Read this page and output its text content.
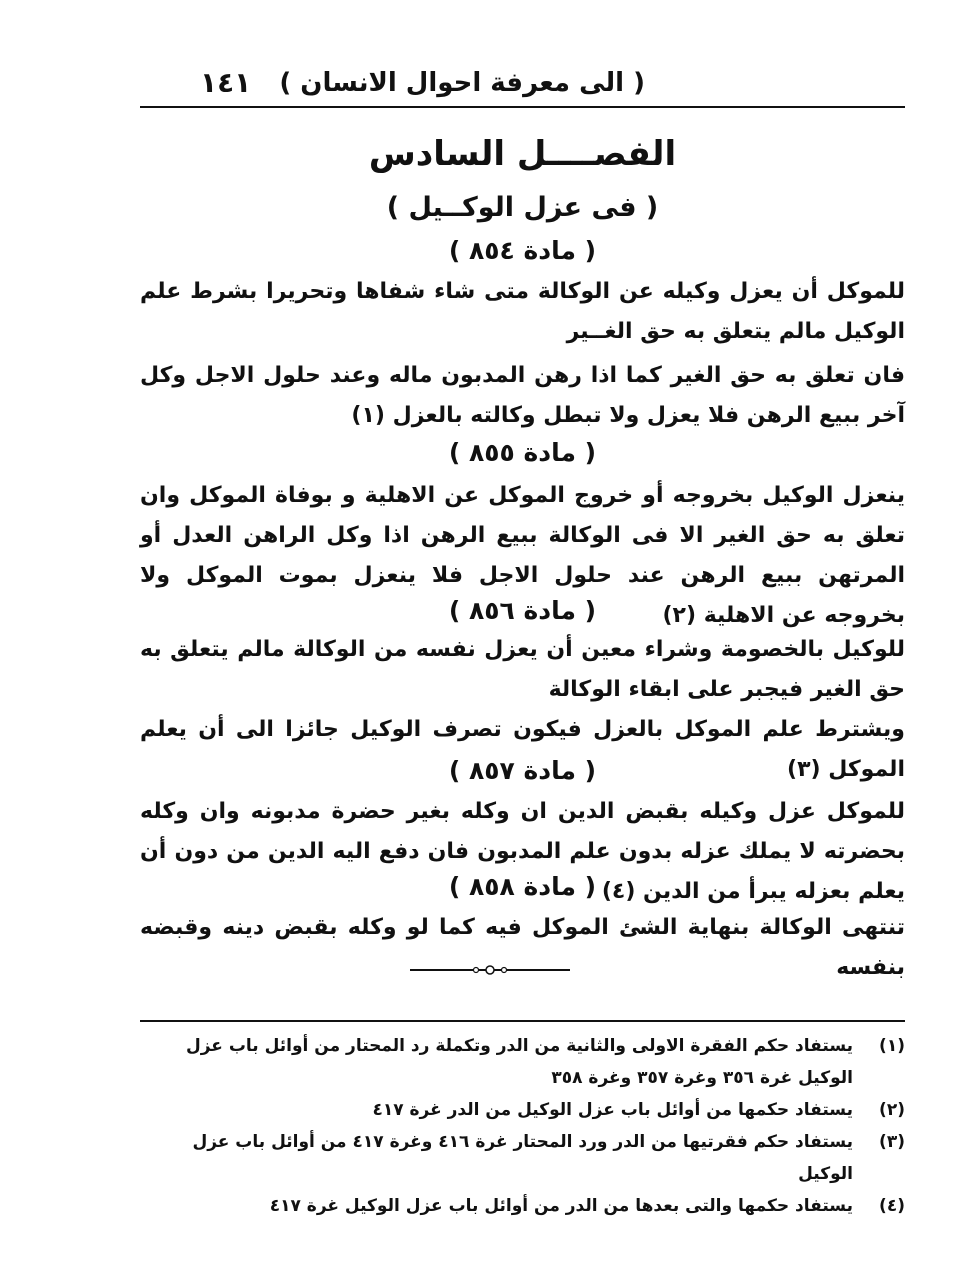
( الى معرفة احوال الانسان )
١٤١
الفصــــل السادس
( فى عزل الوكــيل )
( مادة ٨٥٤ )
للموكل أن يعزل وكيله عن الوكالة متى شاء شفاها وتحريرا بشرط علم الوكيل مالم يتعلق به حق الغــير
فان تعلق به حق الغير كما اذا رهن المدبون ماله وعند حلول الاجل وكل آخر ببيع الرهن فلا يعزل ولا تبطل وكالته بالعزل (١)
( مادة ٨٥٥ )
ينعزل الوكيل بخروجه أو خروج الموكل عن الاهلية و بوفاة الموكل وان تعلق به حق الغير الا فى الوكالة ببيع الرهن اذا وكل الراهن العدل أو المرتهن ببيع الرهن عند حلول الاجل فلا ينعزل بموت الموكل ولا بخروجه عن الاهلية (٢)
( مادة ٨٥٦ )
للوكيل بالخصومة وشراء معين أن يعزل نفسه من الوكالة مالم يتعلق به حق الغير فيجبر على ابقاء الوكالة
ويشترط علم الموكل بالعزل فيكون تصرف الوكيل جائزا الى أن يعلم الموكل (٣)
( مادة ٨٥٧ )
للموكل عزل وكيله بقبض الدين ان وكله بغير حضرة مدبونه وان وكله بحضرته لا يملك عزله بدون علم المدبون فان دفع اليه الدين من دون أن يعلم بعزله يبرأ من الدين (٤)
( مادة ٨٥٨ )
تنتهى الوكالة بنهاية الشئ الموكل فيه كما لو وكله بقبض دينه وقبضه بنفسه
(١)
يستفاد حكم الفقرة الاولى والثانية من الدر وتكملة رد المحتار من أوائل باب عزل الوكيل غرة ٣٥٦ وغرة ٣٥٧ وغرة ٣٥٨
(٢)
يستفاد حكمها من أوائل باب عزل الوكيل من الدر غرة ٤١٧
(٣)
يستفاد حكم فقرتيها من الدر ورد المحتار غرة ٤١٦ وغرة ٤١٧ من أوائل باب عزل الوكيل
(٤)
يستفاد حكمها والتى بعدها من الدر من أوائل باب عزل الوكيل غرة ٤١٧
